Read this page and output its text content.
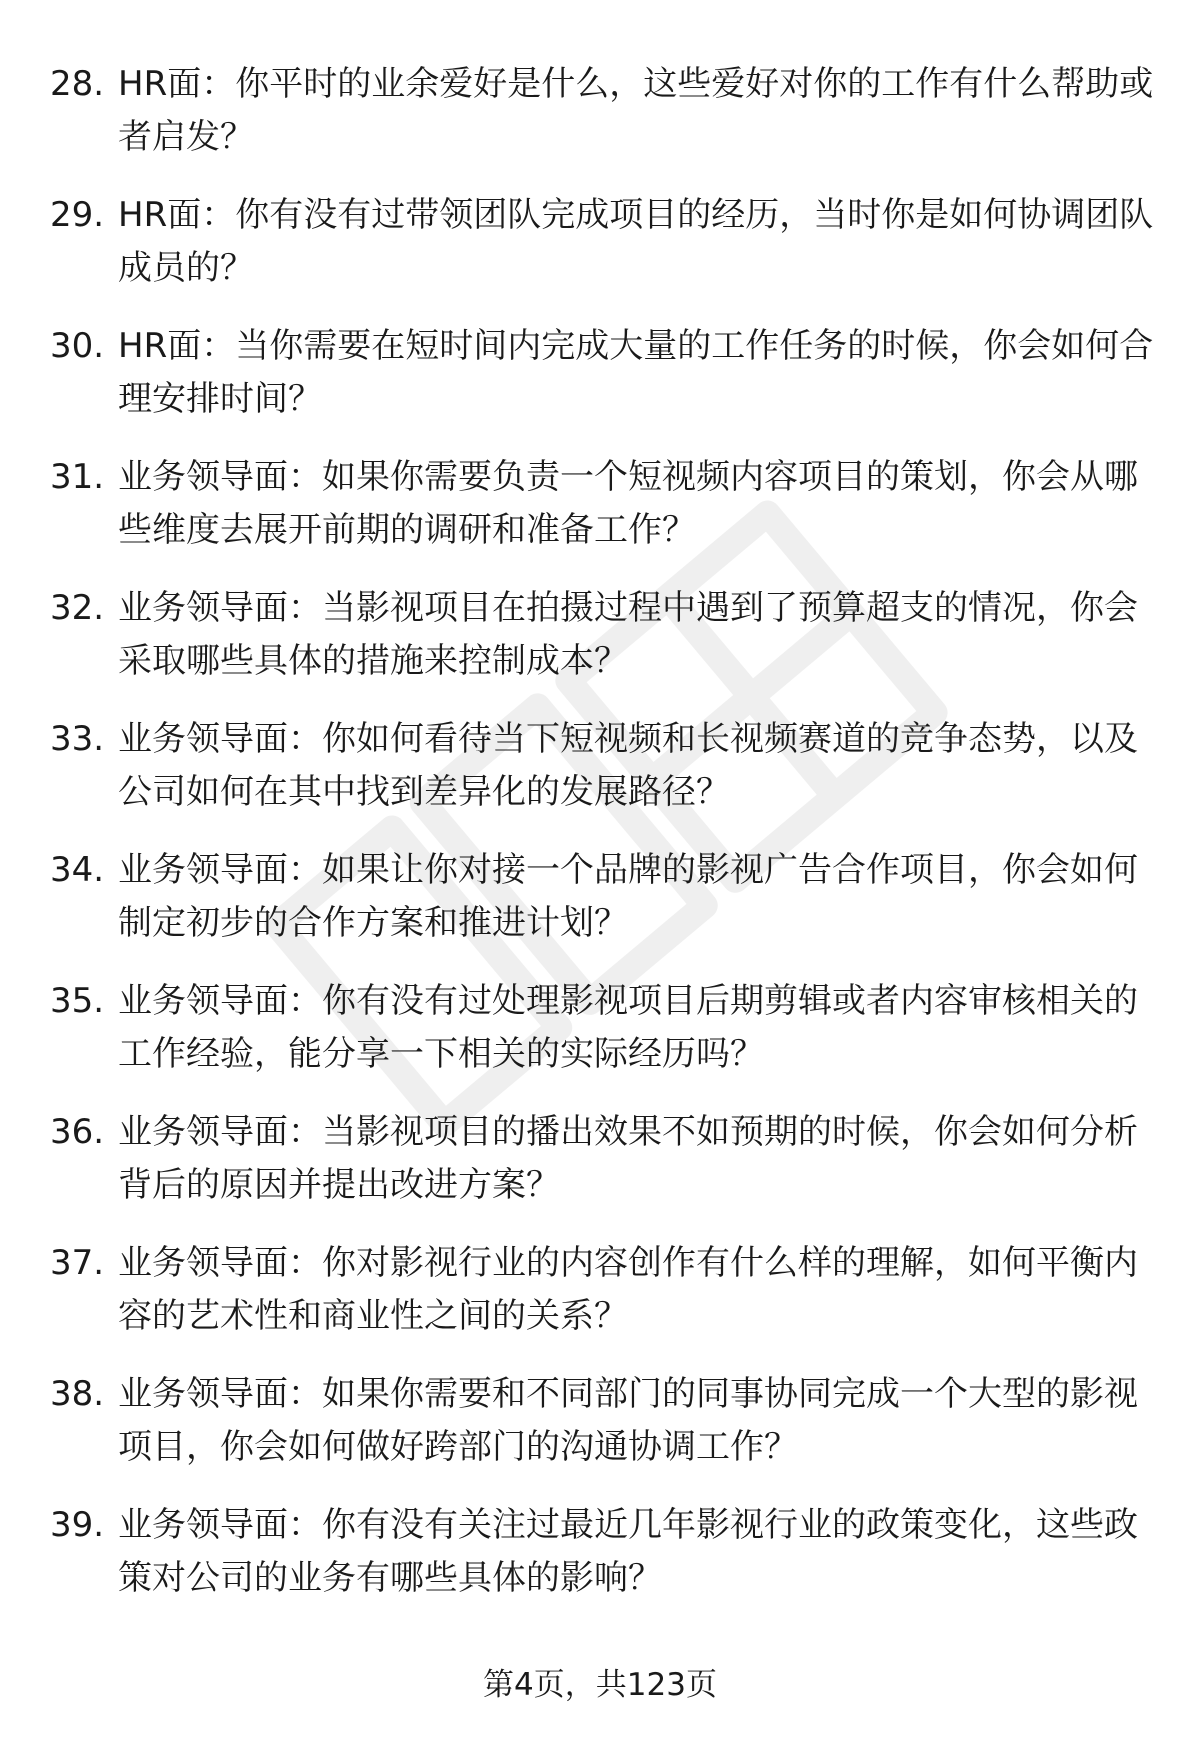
28. HR面：你平时的业余爱好是什么，这些爱好对你的工作有什么帮助或者启发？
29. HR面：你有没有过带领团队完成项目的经历，当时你是如何协调团队成员的？
30. HR面：当你需要在短时间内完成大量的工作任务的时候，你会如何合理安排时间？
31. 业务领导面：如果你需要负责一个短视频内容项目的策划，你会从哪些维度去展开前期的调研和准备工作？
32. 业务领导面：当影视项目在拍摄过程中遇到了预算超支的情况，你会采取哪些具体的措施来控制成本？
33. 业务领导面：你如何看待当下短视频和长视频赛道的竞争态势，以及公司如何在其中找到差异化的发展路径？
34. 业务领导面：如果让你对接一个品牌的影视广告合作项目，你会如何制定初步的合作方案和推进计划？
35. 业务领导面：你有没有过处理影视项目后期剪辑或者内容审核相关的工作经验，能分享一下相关的实际经历吗？
36. 业务领导面：当影视项目的播出效果不如预期的时候，你会如何分析背后的原因并提出改进方案？
37. 业务领导面：你对影视行业的内容创作有什么样的理解，如何平衡内容的艺术性和商业性之间的关系？
38. 业务领导面：如果你需要和不同部门的同事协同完成一个大型的影视项目，你会如何做好跨部门的沟通协调工作？
39. 业务领导面：你有没有关注过最近几年影视行业的政策变化，这些政策对公司的业务有哪些具体的影响？
第4页，共123页
